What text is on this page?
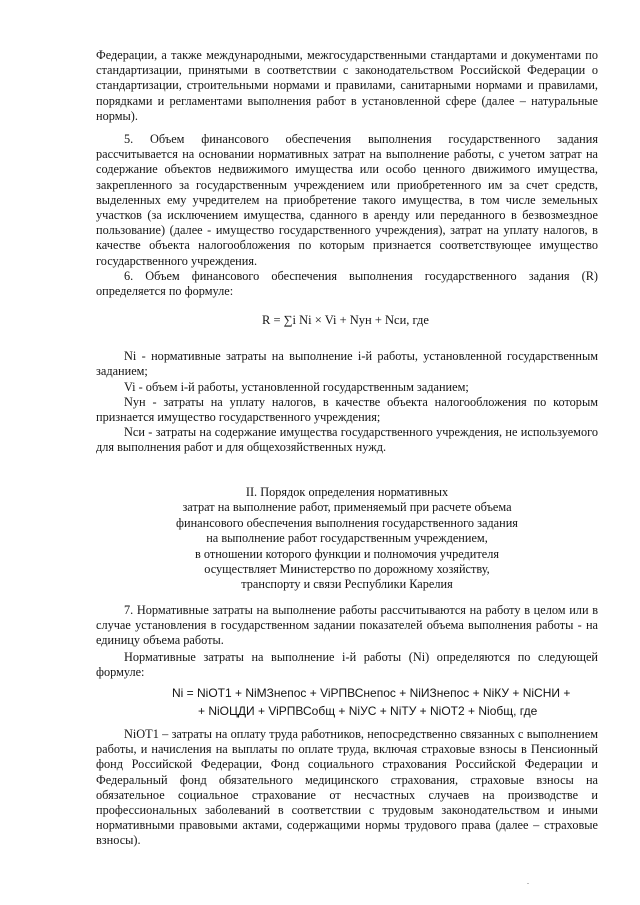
Федерации, а также международными, межгосударственными стандартами и документами по стандартизации, принятыми в соответствии с законодательством Российской Федерации о стандартизации, строительными нормами и правилами, санитарными нормами и правилами, порядками и регламентами выполнения работ в установленной сфере (далее – натуральные нормы).

5. Объем финансового обеспечения выполнения государственного задания рассчитывается на основании нормативных затрат на выполнение работы, с учетом затрат на содержание объектов недвижимого имущества или особо ценного движимого имущества, закрепленного за государственным учреждением или приобретенного им за счет средств, выделенных ему учредителем на приобретение такого имущества, в том числе земельных участков (за исключением имущества, сданного в аренду или переданного в безвозмездное пользование) (далее - имущество государственного учреждения), затрат на уплату налогов, в качестве объекта налогообложения по которым признается соответствующее имущество государственного учреждения.

6. Объем финансового обеспечения выполнения государственного задания (R) определяется по формуле:

R = ∑i Ni × Vi + Nун + Nси, где

Ni - нормативные затраты на выполнение i-й работы, установленной государственным заданием;

Vi - объем i-й работы, установленной государственным заданием;

Nун - затраты на уплату налогов, в качестве объекта налогообложения по которым признается имущество государственного учреждения;

Nси - затраты на содержание имущества государственного учреждения, не используемого для выполнения работ и для общехозяйственных нужд.

II. Порядок определения нормативных
затрат на выполнение работ, применяемый при расчете объема
финансового обеспечения выполнения государственного задания
на выполнение работ государственным учреждением,
в отношении которого функции и полномочия учредителя
осуществляет Министерство по дорожному хозяйству,
транспорту и связи Республики Карелия

7. Нормативные затраты на выполнение работы рассчитываются на работу в целом или в случае установления в государственном задании показателей объема выполнения работы - на единицу объема работы.

Нормативные затраты на выполнение i-й работы (Ni) определяются по следующей формуле:

Ni = NiОТ1 + NiМЗнепос + ViРПВСнепос + NiИЗнепос + NiКУ + NiСНИ +

+ NiОЦДИ + ViРПВСобщ + NiУС + NiТУ + NiОТ2 + Niобщ, где

NiОТ1 – затраты на оплату труда работников, непосредственно связанных с выполнением работы, и начисления на выплаты по оплате труда, включая страховые взносы в Пенсионный фонд Российской Федерации, Фонд социального страхования Российской Федерации и Федеральный фонд обязательного медицинского страхования, страховые взносы на обязательное социальное страхование от несчастных случаев на производстве и профессиональных заболеваний в соответствии с трудовым законодательством и иными нормативными правовыми актами, содержащими нормы трудового права (далее – страховые взносы).
